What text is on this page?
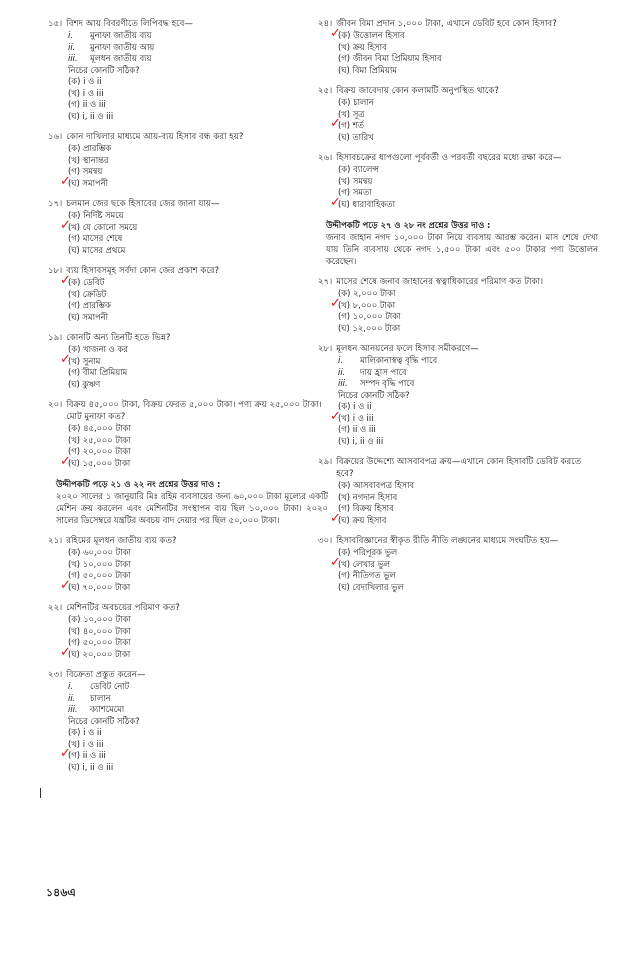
১৫। বিশদ আয় বিবরণীতে লিপিবদ্ধ হবে—
i.	মুনাফা জাতীয় ব্যয়
ii.	মুনাফা জাতীয় আয়
iii.	মূলধন জাতীয় ব্যয়
নিচের কোনটি সঠিক?
(ক) i ও ii
(খ) i ও iii
(গ) ii ও iii
(ঘ) i, ii ও iii
১৬। কোন দাখিলার মাধ্যমে আয়-ব্যয় হিসাব বন্ধ করা হয়?
(ক) প্রারম্ভিক
(খ) স্থানান্তর
(গ) সমন্বয়
✓
(ঘ) সমাপনী
১৭। চলমান জের ছকে হিসাবের জের জানা যায়—
(ক) নির্দিষ্ট সময়ে
✓
(খ) যে কোনো সময়ে
(গ) মাসের শেষে
(ঘ) মাসের প্রথমে
১৮। ব্যয় হিসাবসমূহ সর্বদা কোন জের প্রকাশ করে?
✓
(ক) ডেবিট
(খ) ক্রেডিট
(গ) প্রারম্ভিক
(ঘ) সমাপনী
১৯। কোনটি অন্য তিনটি হতে ভিন্ন?
(ক) খাজনা ও কর
✓
(খ) সুনাম
(গ) বীমা প্রিমিয়াম
(ঘ) কুঋণ
২০। বিক্রয় ৪৫,০০০ টাকা, বিক্রয় ফেরত ৫,০০০ টাকা। পণ্য ক্রয় ২৫,০০০ টাকা। মোট মুনাফা কত?
(ক) ৪৫,০০০ টাকা
(খ) ২৫,০০০ টাকা
(গ) ২০,০০০ টাকা
✓
(ঘ) ১৫,০০০ টাকা
উদ্দীপকটি পড়ে ২১ ও ২২ নং প্রশ্নের উত্তর দাও :
২০২০ সালের ১ জানুয়ারি মিঃ রহিম ব্যবসায়ের জন্য ৬০,০০০ টাকা মূল্যের একটি মেশিন ক্রয় করলেন এবং মেশিনটির সংস্থাপন ব্যয় ছিল ১০,০০০ টাকা। ২০২০ সালের ডিসেম্বরে যন্ত্রটির অবচয় বাদ দেয়ার পর ছিল ৫০,০০০ টাকা।
২১। রহিমের মূলধন জাতীয় ব্যয় কত?
(ক) ৬০,০০০ টাকা
(খ) ১০,০০০ টাকা
(গ) ৫০,০০০ টাকা
✓
(ঘ) ৭০,০০০ টাকা
২২। মেশিনটির অবচয়ের পরিমাণ কত?
(ক) ১০,০০০ টাকা
(খ) ৪০,০০০ টাকা
(গ) ৫০,০০০ টাকা
✓
(ঘ) ২০,০০০ টাকা
২৩। বিক্রেতা প্রস্তুত করেন—
i.	ডেবিট নোট
ii.	চালান
iii.	ক্যাশমেমো
নিচের কোনটি সঠিক?
(ক) i ও ii
(খ) i ও iii
✓
(গ) ii ও iii
(ঘ) i, ii ও iii
২৪। জীবন বিমা প্রদান ১,০০০ টাকা, এখানে ডেবিট হবে কোন হিসাব?
✓
(ক) উত্তোলন হিসাব
(খ) ক্রয় হিসাব
(গ) জীবন বিমা প্রিমিয়াম হিসাব
(ঘ) বিমা প্রিমিয়াম
২৫। বিক্রয় জাবেদায় কোন কলামটি অনুপস্থিত থাকে?
(ক) চালান
(খ) সূত্র
✓
(গ) শর্ত
(ঘ) তারিখ
২৬। হিসাবচক্রের ধাপগুলো পূর্ববর্তী ও পরবর্তী বছরের মধ্যে রক্ষা করে—
(ক) ব্যালেন্স
(খ) সমন্বয়
(গ) সমতা
✓
(ঘ) ধারাবাহিকতা
উদ্দীপকটি পড়ে ২৭ ও ২৮ নং প্রশ্নের উত্তর দাও :
জনাব জাহান নগদ ১০,০০০ টাকা নিয়ে ব্যবসায় আরম্ভ করেন। মাস শেষে দেখা যায় তিনি ব্যবসায় থেকে নগদ ১,৫০০ টাকা এবং ৫০০ টাকার পণ্য উত্তোলন করেছেন।
২৭। মাসের শেষে জনাব জাহানের স্বত্বাধিকারের পরিমাণ কত টাকা।
(ক) ২,০০০ টাকা
✓
(খ) ৮,০০০ টাকা
(গ) ১০,০০০ টাকা
(ঘ) ১২,০০০ টাকা
২৮। মূলধন আনয়নের ফলে হিসাব সমীকরণে—
i.	মালিকানাস্বত্ব বৃদ্ধি পাবে
ii.	দায় হ্রাস পাবে
iii.	সম্পদ বৃদ্ধি পাবে
নিচের কোনটি সঠিক?
(ক) i ও ii
✓
(খ) i ও iii
(গ) ii ও iii
(ঘ) i, ii ও iii
২৯। বিক্রয়ের উদ্দেশ্যে আসবাবপত্র ক্রয়—এখানে কোন হিসাবটি ডেবিট করতে হবে?
(ক) আসবাবপত্র হিসাব
(খ) নগদান হিসাব
(গ) বিক্রয় হিসাব
✓
(ঘ) ক্রয় হিসাব
৩০। হিসাববিজ্ঞানের স্বীকৃত রীতি নীতি লঙ্ঘনের মাধ্যমে সংঘটিত হয়—
(ক) পরিপূরক ভুল
✓
(খ) লেখার ভুল
(গ) নীতিগত ভুল
(ঘ) বেদাখিলার ভুল
১৪৬এ
